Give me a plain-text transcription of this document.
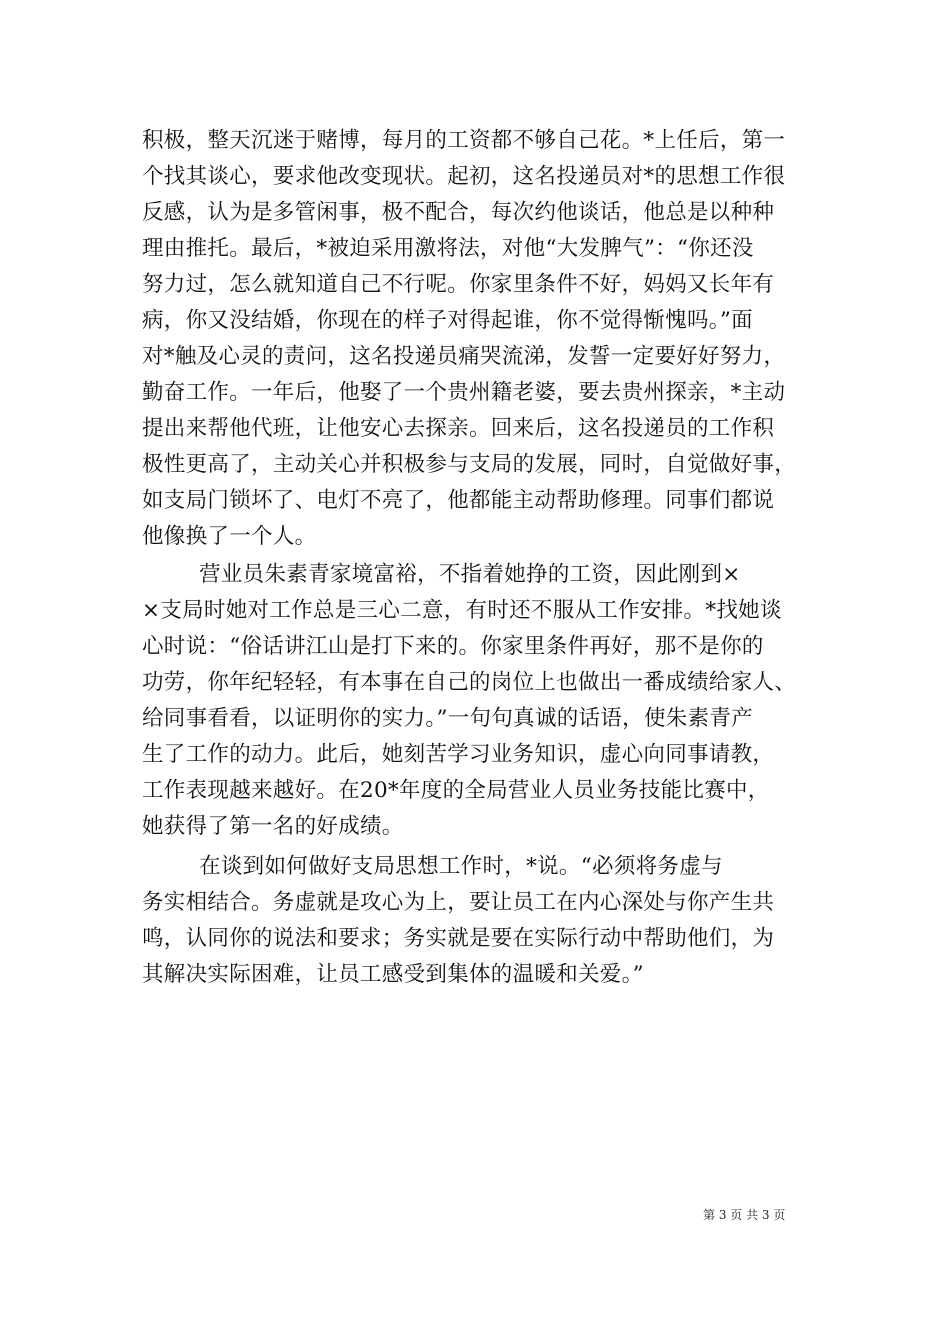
积极，整天沉迷于赌博，每月的工资都不够自己花。*上任后，第一
个找其谈心，要求他改变现状。起初，这名投递员对*的思想工作很
反感，认为是多管闲事，极不配合，每次约他谈话，他总是以种种
理由推托。最后，*被迫采用激将法，对他“大发脾气”：“你还没
努力过，怎么就知道自己不行呢。你家里条件不好，妈妈又长年有
病，你又没结婚，你现在的样子对得起谁，你不觉得惭愧吗。”面
对*触及心灵的责问，这名投递员痛哭流涕，发誓一定要好好努力，
勤奋工作。一年后，他娶了一个贵州籍老婆，要去贵州探亲，*主动
提出来帮他代班，让他安心去探亲。回来后，这名投递员的工作积
极性更高了，主动关心并积极参与支局的发展，同时，自觉做好事，
如支局门锁坏了、电灯不亮了，他都能主动帮助修理。同事们都说
他像换了一个人。
营业员朱素青家境富裕，不指着她挣的工资，因此刚到×
×支局时她对工作总是三心二意，有时还不服从工作安排。*找她谈
心时说：“俗话讲江山是打下来的。你家里条件再好，那不是你的
功劳，你年纪轻轻，有本事在自己的岗位上也做出一番成绩给家人、
给同事看看，以证明你的实力。”一句句真诚的话语，使朱素青产
生了工作的动力。此后，她刻苦学习业务知识，虚心向同事请教，
工作表现越来越好。在20*年度的全局营业人员业务技能比赛中，
她获得了第一名的好成绩。
在谈到如何做好支局思想工作时，*说。“必须将务虚与
务实相结合。务虚就是攻心为上，要让员工在内心深处与你产生共
鸣，认同你的说法和要求；务实就是要在实际行动中帮助他们，为
其解决实际困难，让员工感受到集体的温暖和关爱。”
第 3 页 共 3 页
